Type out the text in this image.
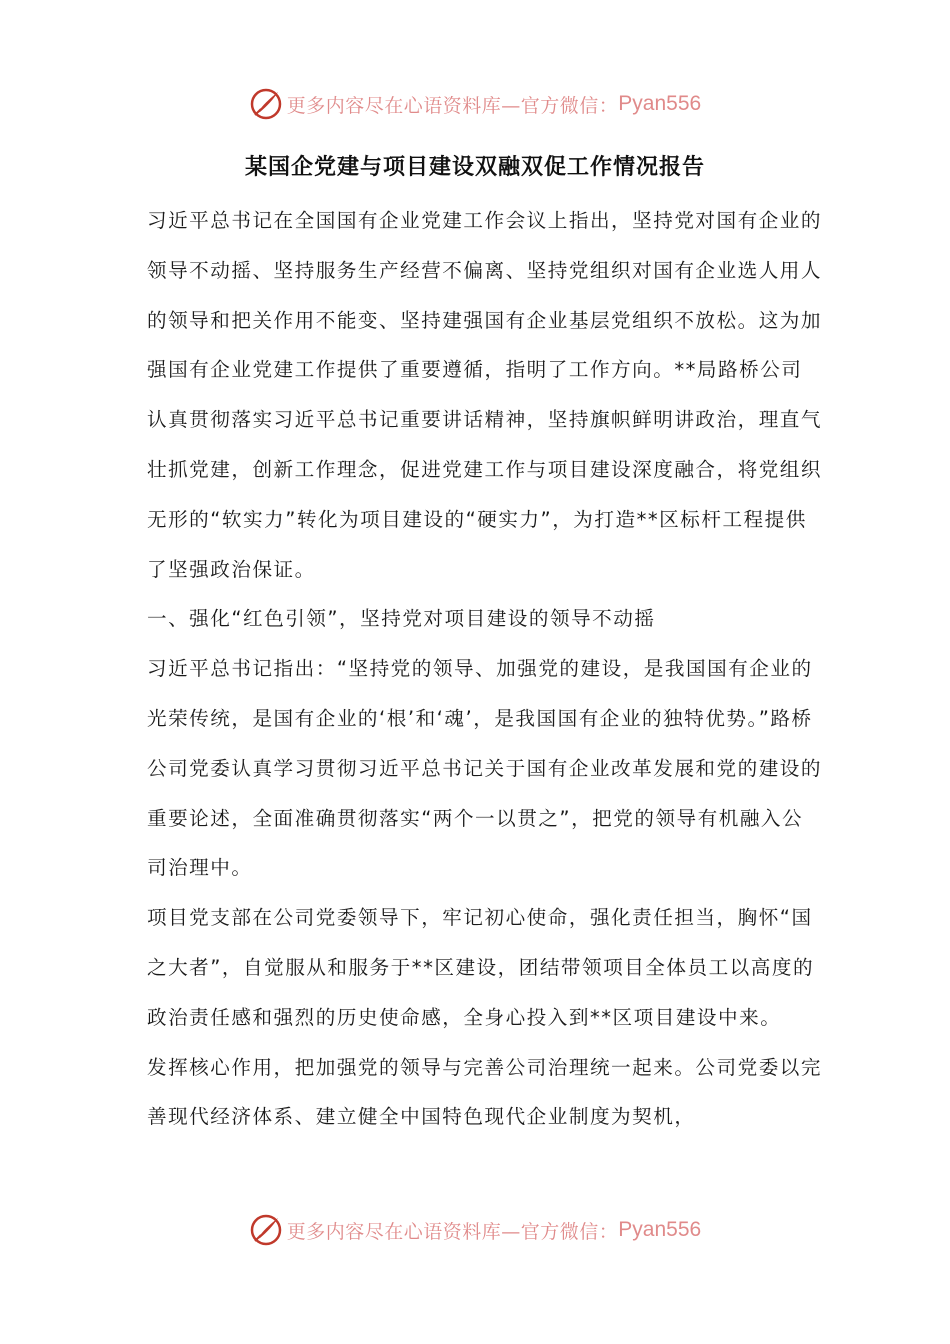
更多内容尽在心语资料库—官方微信： Pyan556
某国企党建与项目建设双融双促工作情况报告

习近平总书记在全国国有企业党建工作会议上指出，坚持党对国有企业的领导不动摇、坚持服务生产经营不偏离、坚持党组织对国有企业选人用人的领导和把关作用不能变、坚持建强国有企业基层党组织不放松。这为加强国有企业党建工作提供了重要遵循，指明了工作方向。**局路桥公司认真贯彻落实习近平总书记重要讲话精神，坚持旗帜鲜明讲政治，理直气壮抓党建，创新工作理念，促进党建工作与项目建设深度融合，将党组织无形的“软实力”转化为项目建设的“硬实力”，为打造**区标杆工程提供了坚强政治保证。

一、强化“红色引领”，坚持党对项目建设的领导不动摇

习近平总书记指出：“坚持党的领导、加强党的建设，是我国国有企业的光荣传统，是国有企业的‘根’和‘魂’，是我国国有企业的独特优势。”路桥公司党委认真学习贯彻习近平总书记关于国有企业改革发展和党的建设的重要论述，全面准确贯彻落实“两个一以贯之”，把党的领导有机融入公司治理中。

项目党支部在公司党委领导下，牢记初心使命，强化责任担当，胸怀“国之大者”，自觉服从和服务于**区建设，团结带领项目全体员工以高度的政治责任感和强烈的历史使命感，全身心投入到**区项目建设中来。

发挥核心作用，把加强党的领导与完善公司治理统一起来。公司党委以完善现代经济体系、建立健全中国特色现代企业制度为契机，

更多内容尽在心语资料库—官方微信： Pyan556
